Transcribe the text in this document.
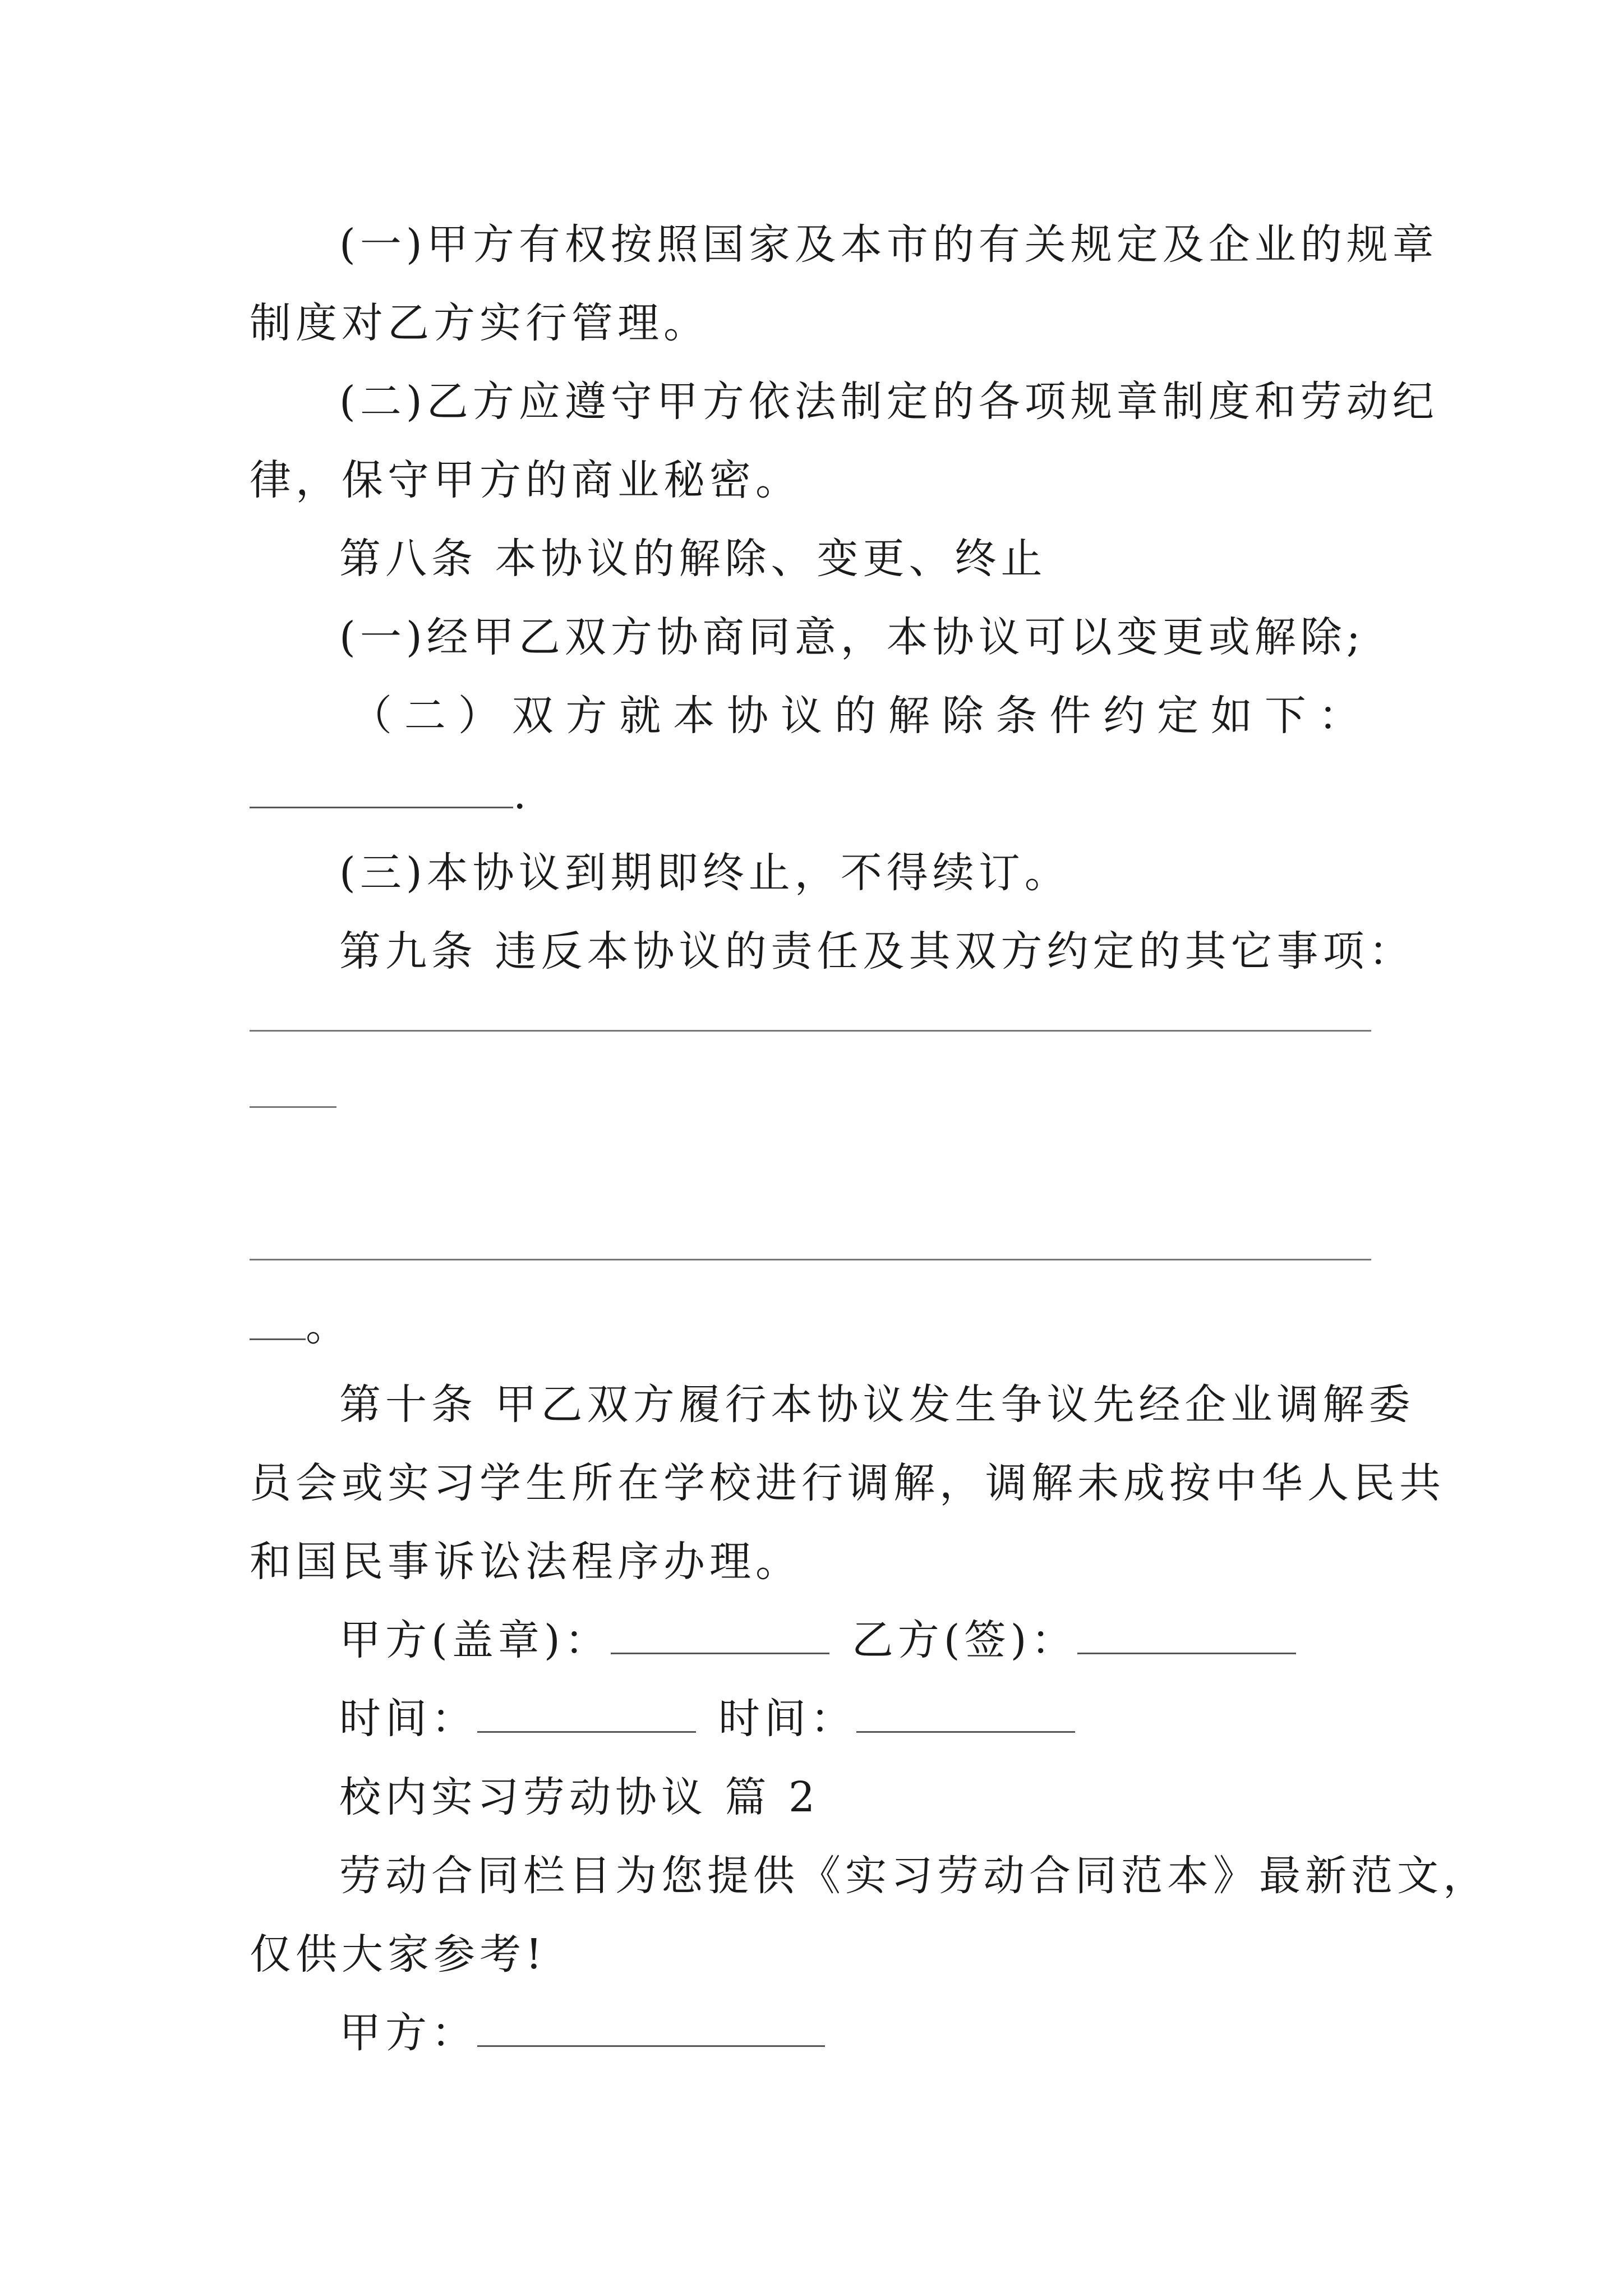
(一)甲方有权按照国家及本市的有关规定及企业的规章
制度对乙方实行管理。
(二)乙方应遵守甲方依法制定的各项规章制度和劳动纪
律，保守甲方的商业秘密。
第八条 本协议的解除、变更、终止
(一)经甲乙双方协商同意，本协议可以变更或解除;
（ 二 ） 双 方 就 本 协 议 的 解 除 条 件 约 定 如 下 ：
.
(三)本协议到期即终止，不得续订。
第九条 违反本协议的责任及其双方约定的其它事项：
。
第十条 甲乙双方履行本协议发生争议先经企业调解委
员会或实习学生所在学校进行调解，调解未成按中华人民共
和国民事诉讼法程序办理。
甲方(盖章)：	乙方(签)：
时间：	时间：
校内实习劳动协议 篇 2
劳动合同栏目为您提供《实习劳动合同范本》最新范文，
仅供大家参考!
甲方：
